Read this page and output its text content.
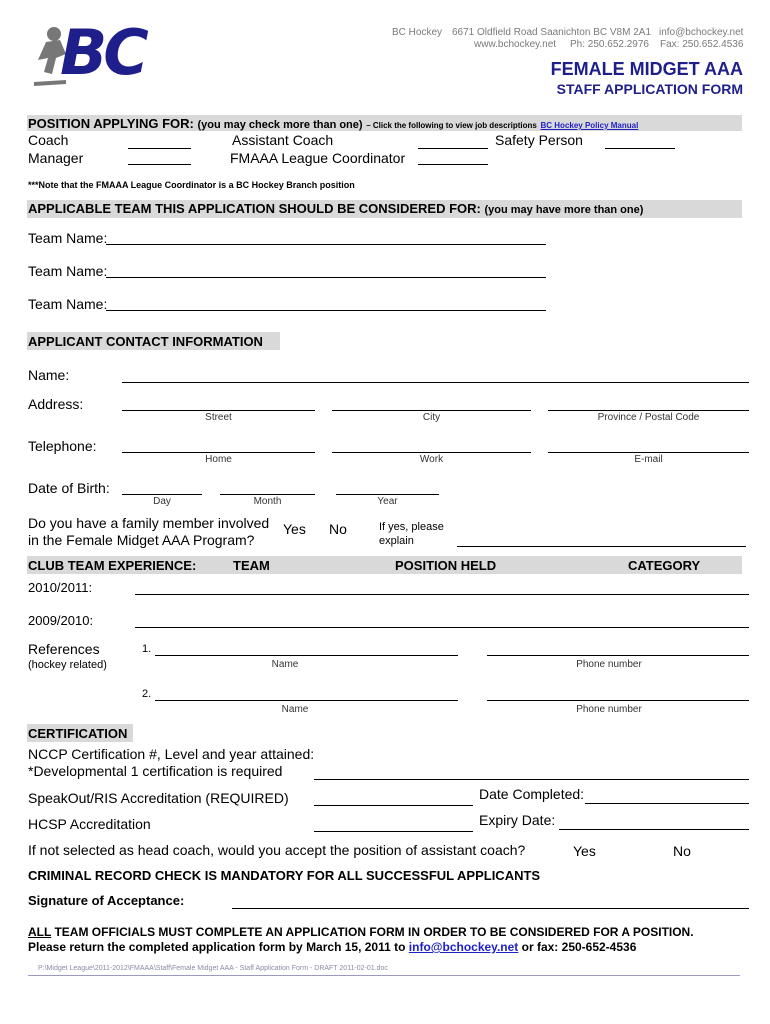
BC	BC Hockey 6671 Oldfield Road Saanichton BC V8M 2A1 info@bchockey.net
www.bchockey.net Ph: 250.652.2976 Fax: 250.652.4536
FEMALE MIDGET AAA
STAFF APPLICATION FORM
POSITION APPLYING FOR: (you may check more than one) – Click the following to view job descriptions BC Hockey Policy Manual
Coach	Assistant Coach	Safety Person
Manager	FMAAA League Coordinator
***Note that the FMAAA League Coordinator is a BC Hockey Branch position
APPLICABLE TEAM THIS APPLICATION SHOULD BE CONSIDERED FOR: (you may have more than one)
Team Name:
Team Name:
Team Name:
APPLICANT CONTACT INFORMATION
Name:
Address:
Street	City	Province / Postal Code
Telephone:
Home	Work	E-mail
Date of Birth:
Day	Month	Year
Do you have a family member involved
in the Female Midget AAA Program?
Yes No	If yes, please
explain
CLUB TEAM EXPERIENCE:	TEAM	POSITION HELD	CATEGORY
2010/2011:
2009/2010:
References
(hockey related)
1.
Name	Phone number
2.
Name	Phone number
CERTIFICATION
NCCP Certification #, Level and year attained:
*Developmental 1 certification is required
SpeakOut/RIS Accreditation (REQUIRED)	Date Completed:
HCSP Accreditation	Expiry Date:
If not selected as head coach, would you accept the position of assistant coach?	Yes	No
CRIMINAL RECORD CHECK IS MANDATORY FOR ALL SUCCESSFUL APPLICANTS
Signature of Acceptance:
ALL TEAM OFFICIALS MUST COMPLETE AN APPLICATION FORM IN ORDER TO BE CONSIDERED FOR A POSITION.
Please return the completed application form by March 15, 2011 to info@bchockey.net or fax: 250-652-4536
P:\Midget League\2011-2012\FMAAA\Staff\Female Midget AAA - Staff Application Form - DRAFT 2011-02-01.doc
